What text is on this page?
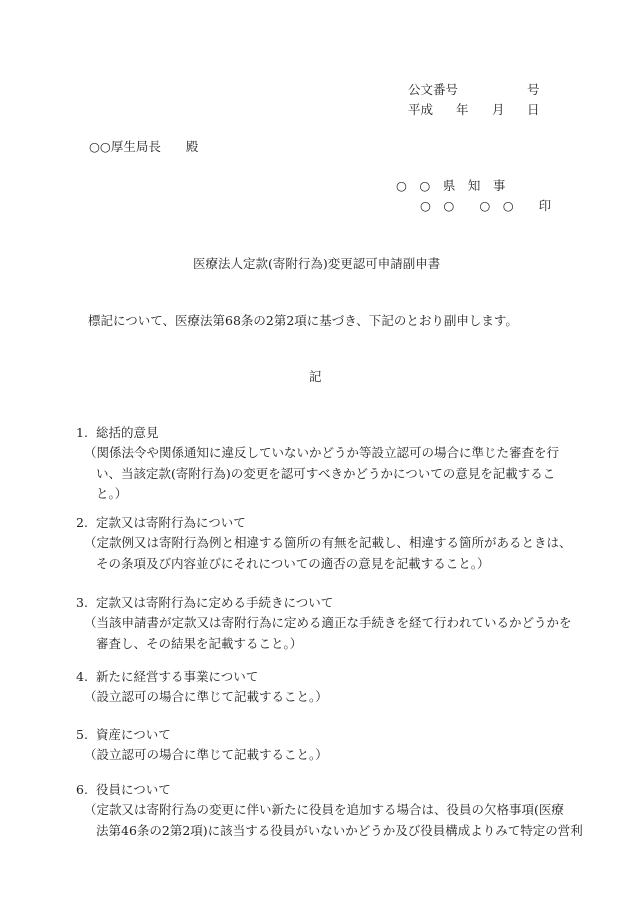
公文番号	号
平成 年 月 日
○○厚生局長　　殿
○　○　県　知　事
○　○　　○　○　　印
医療法人定款(寄附行為)変更認可申請副申書
標記について、医療法第68条の2第2項に基づき、下記のとおり副申します。
記
1. 総括的意見
（関係法令や関係通知に違反していないかどうか等設立認可の場合に準じた審査を行
い、当該定款(寄附行為)の変更を認可すべきかどうかについての意見を記載するこ
と。）
2. 定款又は寄附行為について
（定款例又は寄附行為例と相違する箇所の有無を記載し、相違する箇所があるときは、
その条項及び内容並びにそれについての適否の意見を記載すること。）
3. 定款又は寄附行為に定める手続きについて
（当該申請書が定款又は寄附行為に定める適正な手続きを経て行われているかどうかを
審査し、その結果を記載すること。）
4. 新たに経営する事業について
（設立認可の場合に準じて記載すること。）
5. 資産について
（設立認可の場合に準じて記載すること。）
6. 役員について
（定款又は寄附行為の変更に伴い新たに役員を追加する場合は、役員の欠格事項(医療
法第46条の2第2項)に該当する役員がいないかどうか及び役員構成よりみて特定の営利
